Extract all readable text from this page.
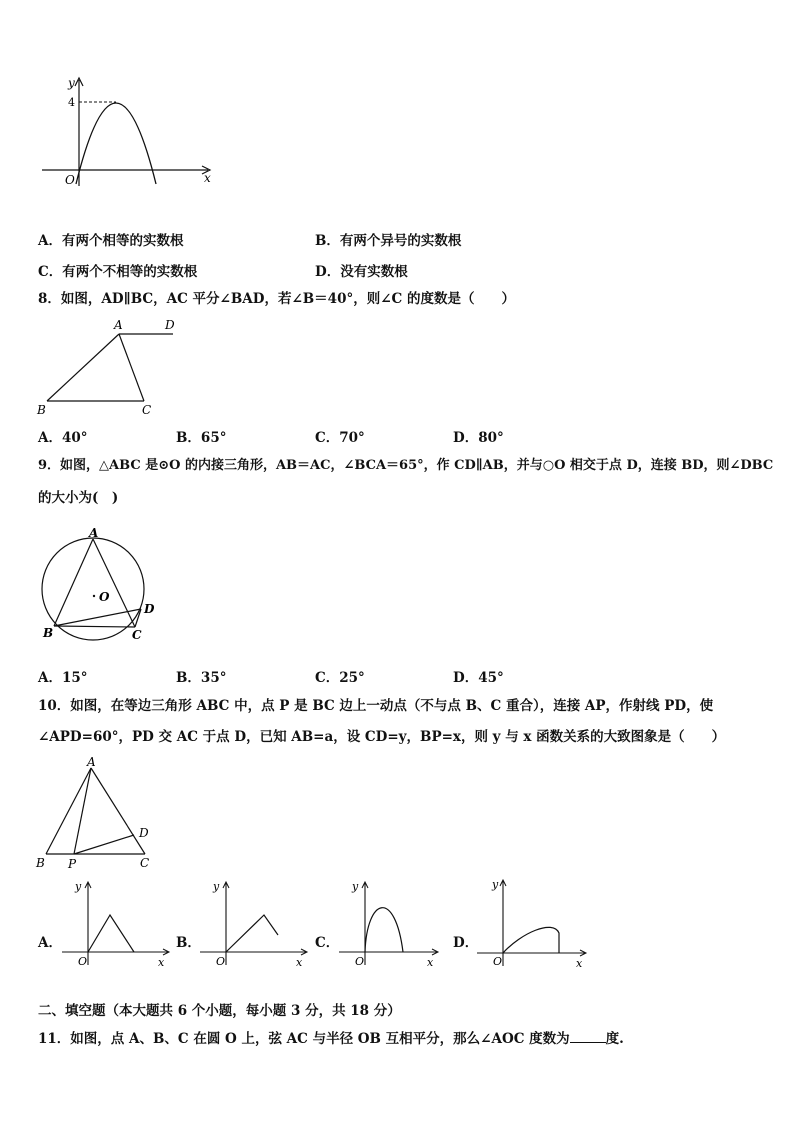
y
x
O
4
A．有两个相等的实数根	B．有两个异号的实数根
C．有两个不相等的实数根	D．没有实数根
8．如图，AD∥BC，AC 平分∠BAD，若∠B＝40°，则∠C 的度数是（　　）
A	D
B	C
A．40°	B．65°	C．70°	D．80°
9．如图，△ABC 是⊙O 的内接三角形，AB＝AC，∠BCA＝65°，作 CD∥AB，并与○O 相交于点 D，连接 BD，则∠DBC
的大小为(　)
A
O
D
B	C
A．15°	B．35°	C．25°	D．45°
10．如图，在等边三角形 ABC 中，点 P 是 BC 边上一动点（不与点 B、C 重合），连接 AP，作射线 PD，使
∠APD=60°，PD 交 AC 于点 D，已知 AB=a，设 CD=y，BP=x，则 y 与 x 函数关系的大致图象是（　　）
A
D
B P	C
A．
y
x
O
B．
y
x
O
C．
y
x
O
D．
y
x
O
二、填空题（本大题共 6 个小题，每小题 3 分，共 18 分）
11．如图，点 A、B、C 在圆 O 上，弦 AC 与半径 OB 互相平分，那么∠AOC 度数为	度.
